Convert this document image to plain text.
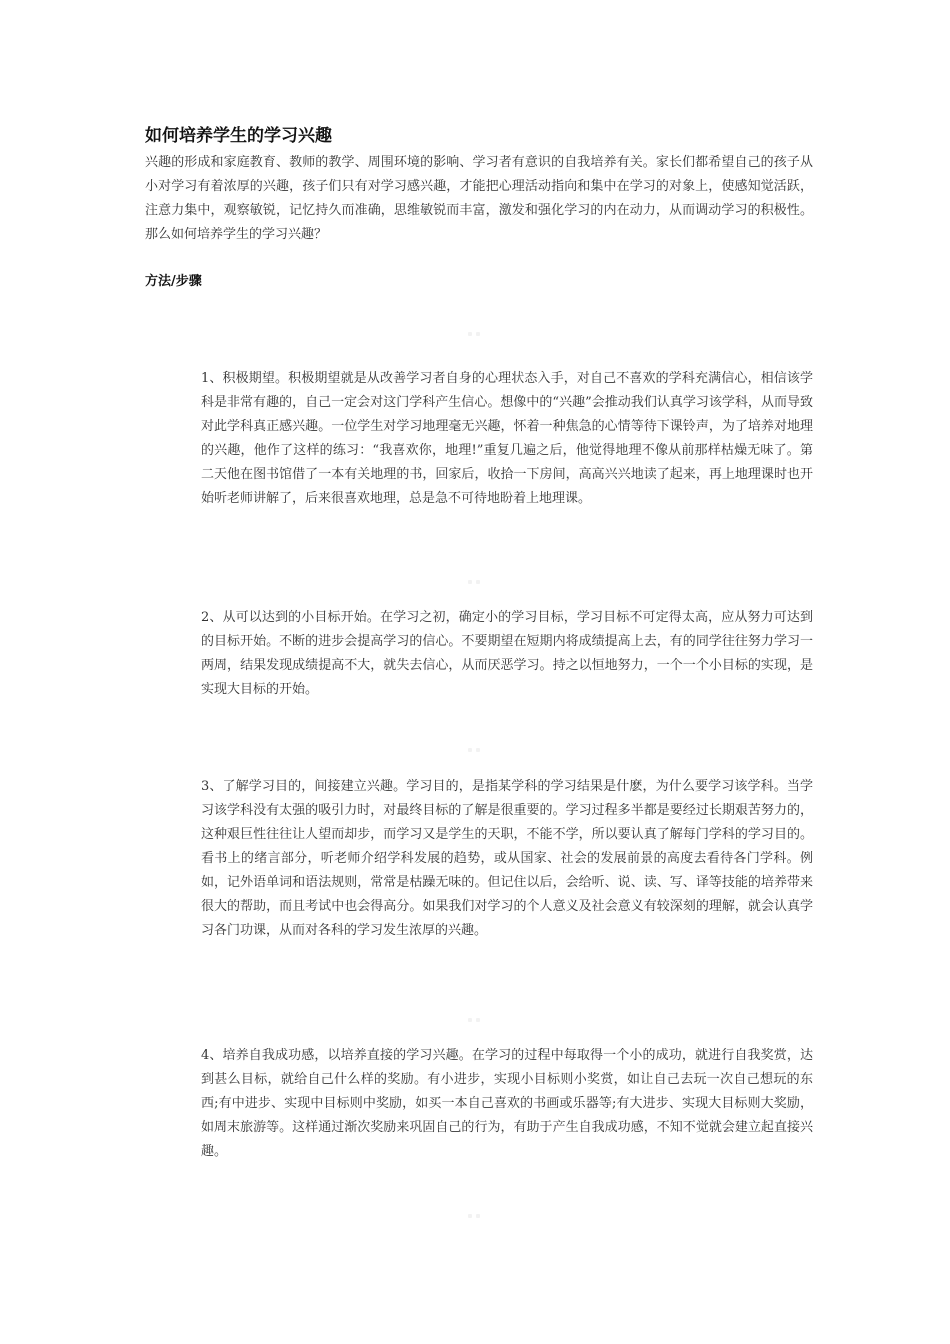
如何培养学生的学习兴趣

兴趣的形成和家庭教育、教师的教学、周围环境的影响、学习者有意识的自我培养有关。家长们都希望自己的孩子从小对学习有着浓厚的兴趣，孩子们只有对学习感兴趣，才能把心理活动指向和集中在学习的对象上，使感知觉活跃，注意力集中，观察敏锐，记忆持久而准确，思维敏锐而丰富，激发和强化学习的内在动力，从而调动学习的积极性。那么如何培养学生的学习兴趣？

方法/步骤

1、积极期望。积极期望就是从改善学习者自身的心理状态入手，对自己不喜欢的学科充满信心，相信该学科是非常有趣的，自己一定会对这门学科产生信心。想像中的“兴趣”会推动我们认真学习该学科，从而导致对此学科真正感兴趣。一位学生对学习地理毫无兴趣，怀着一种焦急的心情等待下课铃声，为了培养对地理的兴趣，他作了这样的练习：“我喜欢你，地理!”重复几遍之后，他觉得地理不像从前那样枯燥无味了。第二天他在图书馆借了一本有关地理的书，回家后，收拾一下房间，高高兴兴地读了起来，再上地理课时也开始听老师讲解了，后来很喜欢地理，总是急不可待地盼着上地理课。

2、从可以达到的小目标开始。在学习之初，确定小的学习目标，学习目标不可定得太高，应从努力可达到的目标开始。不断的进步会提高学习的信心。不要期望在短期内将成绩提高上去，有的同学往往努力学习一两周，结果发现成绩提高不大，就失去信心，从而厌恶学习。持之以恒地努力，一个一个小目标的实现，是实现大目标的开始。

3、了解学习目的，间接建立兴趣。学习目的，是指某学科的学习结果是什麽，为什么要学习该学科。当学习该学科没有太强的吸引力时，对最终目标的了解是很重要的。学习过程多半都是要经过长期艰苦努力的，这种艰巨性往往让人望而却步，而学习又是学生的天职，不能不学，所以要认真了解每门学科的学习目的。看书上的绪言部分，听老师介绍学科发展的趋势，或从国家、社会的发展前景的高度去看待各门学科。例如，记外语单词和语法规则，常常是枯躁无味的。但记住以后，会给听、说、读、写、译等技能的培养带来很大的帮助，而且考试中也会得高分。如果我们对学习的个人意义及社会意义有较深刻的理解，就会认真学习各门功课，从而对各科的学习发生浓厚的兴趣。

4、培养自我成功感，以培养直接的学习兴趣。在学习的过程中每取得一个小的成功，就进行自我奖赏，达到甚么目标，就给自己什么样的奖励。有小进步，实现小目标则小奖赏，如让自己去玩一次自己想玩的东西;有中进步、实现中目标则中奖励，如买一本自己喜欢的书画或乐器等;有大进步、实现大目标则大奖励，如周末旅游等。这样通过渐次奖励来巩固自己的行为，有助于产生自我成功感，不知不觉就会建立起直接兴趣。
